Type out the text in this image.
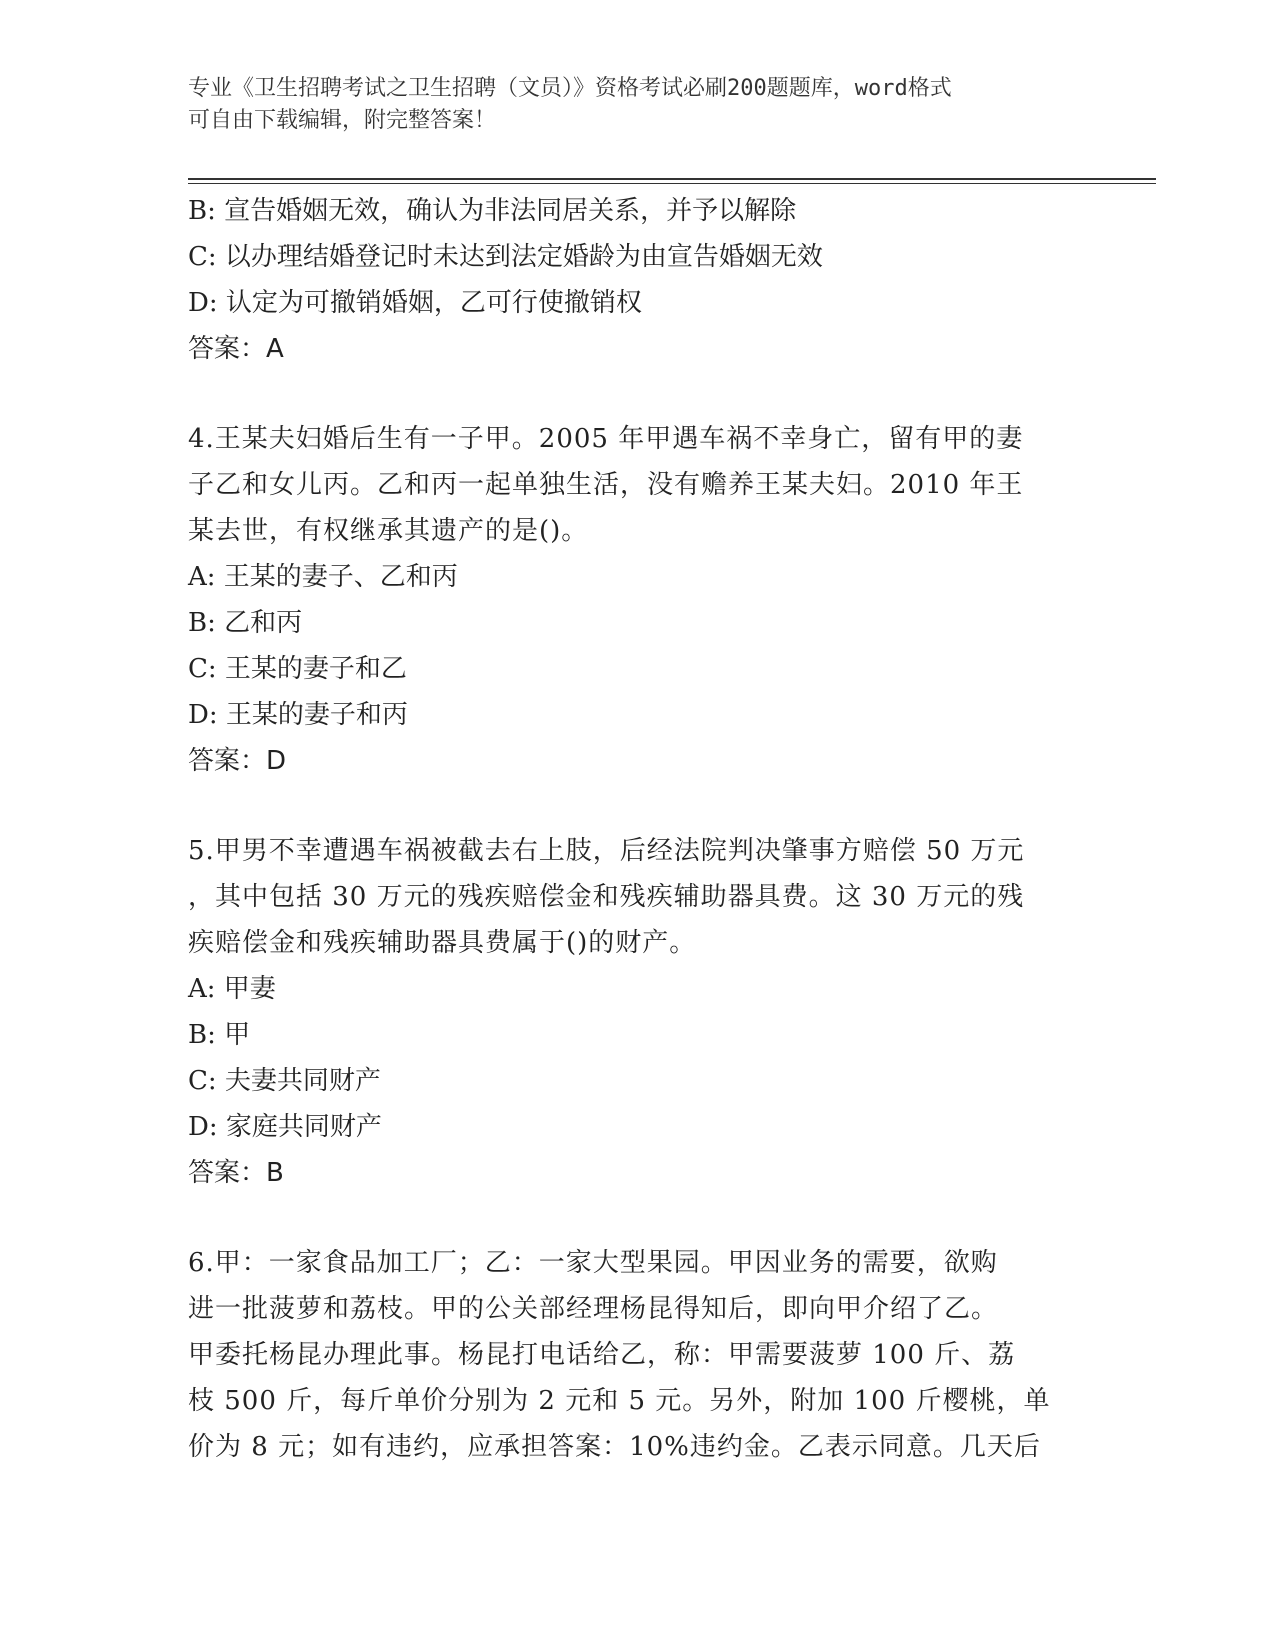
专业《卫生招聘考试之卫生招聘（文员）》资格考试必刷200题题库，word格式

可自由下载编辑，附完整答案！

B: 宣告婚姻无效，确认为非法同居关系，并予以解除
C: 以办理结婚登记时未达到法定婚龄为由宣告婚姻无效
D: 认定为可撤销婚姻，乙可行使撤销权
答案：A
4.王某夫妇婚后生有一子甲。2005 年甲遇车祸不幸身亡，留有甲的妻
子乙和女儿丙。乙和丙一起单独生活，没有赡养王某夫妇。2010 年王
某去世，有权继承其遗产的是()。
A: 王某的妻子、乙和丙
B: 乙和丙
C: 王某的妻子和乙
D: 王某的妻子和丙
答案：D
5.甲男不幸遭遇车祸被截去右上肢，后经法院判决肇事方赔偿 50 万元
，其中包括 30 万元的残疾赔偿金和残疾辅助器具费。这 30 万元的残
疾赔偿金和残疾辅助器具费属于()的财产。
A: 甲妻
B: 甲
C: 夫妻共同财产
D: 家庭共同财产
答案：B
6.甲：一家食品加工厂；乙：一家大型果园。甲因业务的需要，欲购
进一批菠萝和荔枝。甲的公关部经理杨昆得知后，即向甲介绍了乙。
甲委托杨昆办理此事。杨昆打电话给乙，称：甲需要菠萝 100 斤、荔
枝 500 斤，每斤单价分别为 2 元和 5 元。另外，附加 100 斤樱桃，单
价为 8 元；如有违约，应承担答案：10%违约金。乙表示同意。几天后
